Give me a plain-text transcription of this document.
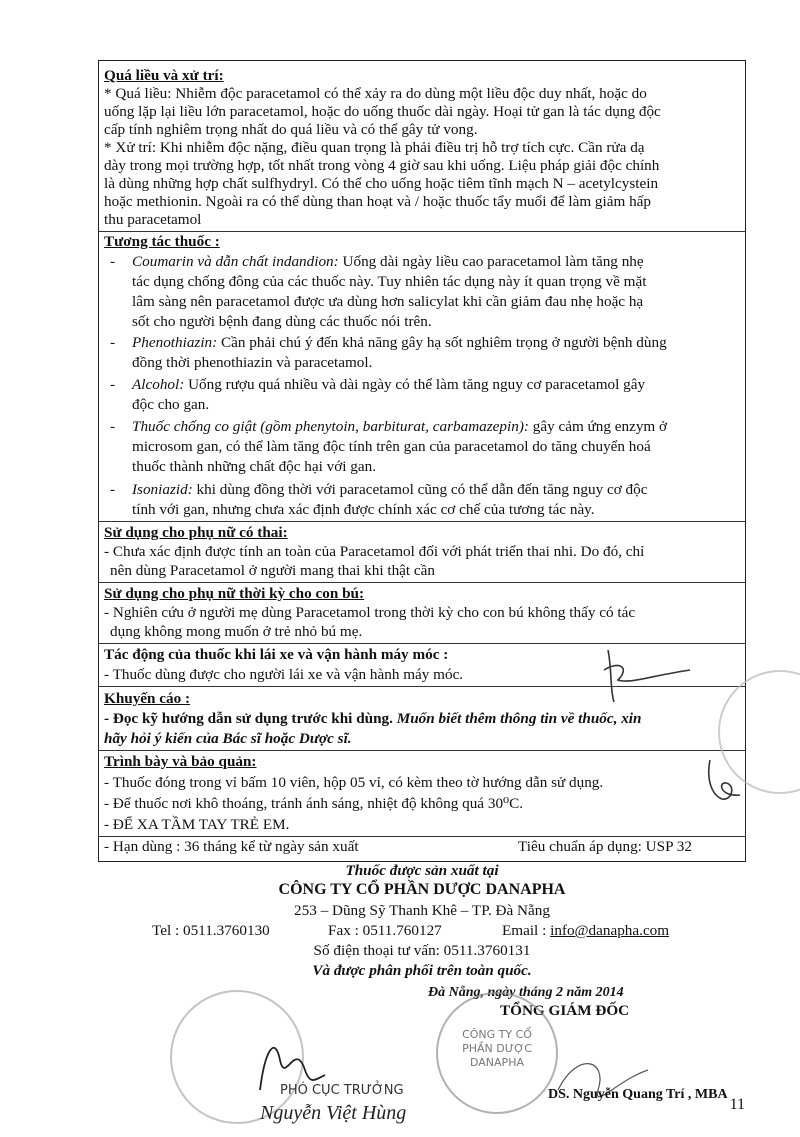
Quá liều và xử trí:
* Quá liều: Nhiễm độc paracetamol có thể xảy ra do dùng một liều độc duy nhất, hoặc do
uống lặp lại liều lớn paracetamol, hoặc do uống thuốc dài ngày. Hoại tử gan là tác dụng độc
cấp tính nghiêm trọng nhất do quá liều và có thể gây tử vong.
* Xử trí: Khi nhiễm độc nặng, điều quan trọng là phải điều trị hỗ trợ tích cực. Cần rửa dạ
dày trong mọi trường hợp, tốt nhất trong vòng 4 giờ sau khi uống. Liệu pháp giải độc chính
là dùng những hợp chất sulfhydryl. Có thể cho uống hoặc tiêm tĩnh mạch N – acetylcystein
hoặc methionin. Ngoài ra có thể dùng than hoạt và / hoặc thuốc tẩy muối để làm giảm hấp
thu paracetamol
Tương tác thuốc :
- Coumarin và dẫn chất indandion: Uống dài ngày liều cao paracetamol làm tăng nhẹ
tác dụng chống đông của các thuốc này. Tuy nhiên tác dụng này ít quan trọng về mặt
lâm sàng nên paracetamol được ưa dùng hơn salicylat khi cần giảm đau nhẹ hoặc hạ
sốt cho người bệnh đang dùng các thuốc nói trên.
- Phenothiazin: Cần phải chú ý đến khả năng gây hạ sốt nghiêm trọng ở người bệnh dùng
đồng thời phenothiazin và paracetamol.
- Alcohol: Uống rượu quá nhiều và dài ngày có thể làm tăng nguy cơ paracetamol gây
độc cho gan.
- Thuốc chống co giật (gồm phenytoin, barbiturat, carbamazepin): gây cảm ứng enzym ở
microsom gan, có thể làm tăng độc tính trên gan của paracetamol do tăng chuyển hoá
thuốc thành những chất độc hại với gan.
- Isoniazid: khi dùng đồng thời với paracetamol cũng có thể dẫn đến tăng nguy cơ độc
tính với gan, nhưng chưa xác định được chính xác cơ chế của tương tác này.
Sử dụng cho phụ nữ có thai:
- Chưa xác định được tính an toàn của Paracetamol đối với phát triển thai nhi. Do đó, chỉ
nên dùng Paracetamol ở người mang thai khi thật cần
Sử dụng cho phụ nữ thời kỳ cho con bú:
- Nghiên cứu ở người mẹ dùng Paracetamol trong thời kỳ cho con bú không thấy có tác
dụng không mong muốn ở trẻ nhỏ bú mẹ.
Tác động của thuốc khi lái xe và vận hành máy móc :
- Thuốc dùng được cho người lái xe và vận hành máy móc.
Khuyến cáo :
- Đọc kỹ hướng dẫn sử dụng trước khi dùng. Muốn biết thêm thông tin về thuốc, xin
hãy hỏi ý kiến của Bác sĩ hoặc Dược sĩ.
Trình bày và bảo quản:
- Thuốc đóng trong vỉ bấm 10 viên, hộp 05 vỉ, có kèm theo tờ hướng dẫn sử dụng.
- Để thuốc nơi khô thoáng, tránh ánh sáng, nhiệt độ không quá 30⁰C.
- ĐỂ XA TẦM TAY TRẺ EM.
- Hạn dùng : 36 tháng kể từ ngày sản xuất	Tiêu chuẩn áp dụng: USP 32
Thuốc được sản xuất tại
CÔNG TY CỔ PHẦN DƯỢC DANAPHA
253 – Dũng Sỹ Thanh Khê – TP. Đà Nẵng
Tel : 0511.3760130	Fax : 0511.760127	Email : info@danapha.com
Số điện thoại tư vấn: 0511.3760131
Và được phân phối trên toàn quốc.
Đà Nẵng, ngày tháng 2 năm 2014
TỔNG GIÁM ĐỐC
CÔNG TY CỔ PHẦN DƯỢC DANAPHA
PHÓ CỤC TRƯỞNG
Nguyễn Việt Hùng
DS. Nguyễn Quang Trí , MBA
11
